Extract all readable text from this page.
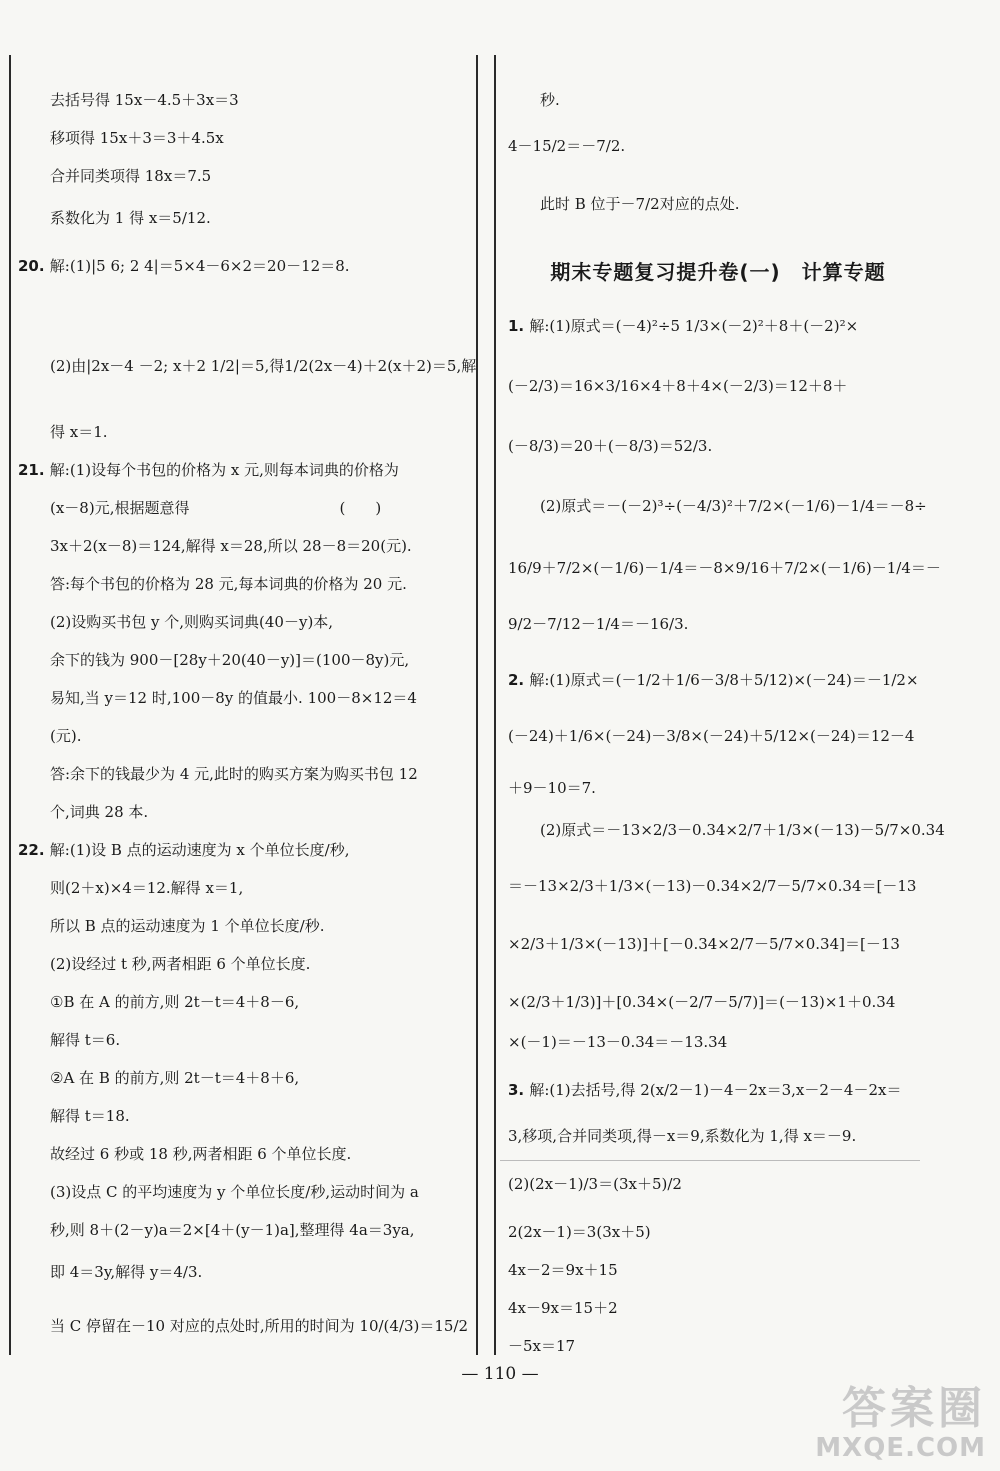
去括号得 15x－4.5＋3x＝3
移项得 15x＋3＝3＋4.5x
合并同类项得 18x＝7.5
系数化为 1 得 x＝5/12.
20. 解:(1)|5 6; 2 4|＝5×4－6×2＝20－12＝8.
(2)由|2x－4 －2; x＋2 1/2|＝5,得1/2(2x－4)＋2(x＋2)＝5,解
得 x＝1.
21. 解:(1)设每个书包的价格为 x 元,则每本词典的价格为
(x－8)元,根据题意得　　　　　　　　　　(　　)
3x＋2(x－8)＝124,解得 x＝28,所以 28－8＝20(元).
答:每个书包的价格为 28 元,每本词典的价格为 20 元.
(2)设购买书包 y 个,则购买词典(40－y)本,
余下的钱为 900－[28y＋20(40－y)]＝(100－8y)元,
易知,当 y＝12 时,100－8y 的值最小. 100－8×12＝4
(元).
答:余下的钱最少为 4 元,此时的购买方案为购买书包 12
个,词典 28 本.
22. 解:(1)设 B 点的运动速度为 x 个单位长度/秒,
则(2＋x)×4＝12.解得 x＝1,
所以 B 点的运动速度为 1 个单位长度/秒.
(2)设经过 t 秒,两者相距 6 个单位长度.
①B 在 A 的前方,则 2t－t＝4＋8－6,
解得 t＝6.
②A 在 B 的前方,则 2t－t＝4＋8＋6,
解得 t＝18.
故经过 6 秒或 18 秒,两者相距 6 个单位长度.
(3)设点 C 的平均速度为 y 个单位长度/秒,运动时间为 a
秒,则 8＋(2－y)a＝2×[4＋(y－1)a],整理得 4a＝3ya,
即 4＝3y,解得 y＝4/3.
当 C 停留在－10 对应的点处时,所用的时间为 10/(4/3)＝15/2
秒.
4－15/2＝－7/2.
此时 B 位于－7/2对应的点处.
1. 解:(1)原式＝(－4)²÷5 1/3×(－2)²＋8＋(－2)²×
(－2/3)＝16×3/16×4＋8＋4×(－2/3)＝12＋8＋
(－8/3)＝20＋(－8/3)＝52/3.
(2)原式＝－(－2)³÷(－4/3)²＋7/2×(－1/6)－1/4＝－8÷
16/9＋7/2×(－1/6)－1/4＝－8×9/16＋7/2×(－1/6)－1/4＝－
9/2－7/12－1/4＝－16/3.
2. 解:(1)原式＝(－1/2＋1/6－3/8＋5/12)×(－24)＝－1/2×
(－24)＋1/6×(－24)－3/8×(－24)＋5/12×(－24)＝12－4
＋9－10＝7.
(2)原式＝－13×2/3－0.34×2/7＋1/3×(－13)－5/7×0.34
＝－13×2/3＋1/3×(－13)－0.34×2/7－5/7×0.34＝[－13
×2/3＋1/3×(－13)]＋[－0.34×2/7－5/7×0.34]＝[－13
×(2/3＋1/3)]＋[0.34×(－2/7－5/7)]＝(－13)×1＋0.34
×(－1)＝－13－0.34＝－13.34
3. 解:(1)去括号,得 2(x/2－1)－4－2x＝3,x－2－4－2x＝
3,移项,合并同类项,得－x＝9,系数化为 1,得 x＝－9.
(2)(2x－1)/3＝(3x＋5)/2
2(2x－1)＝3(3x＋5)
4x－2＝9x＋15
4x－9x＝15＋2
－5x＝17
期末专题复习提升卷(一)　计算专题
— 110 —
答案圈
MXQE.COM
